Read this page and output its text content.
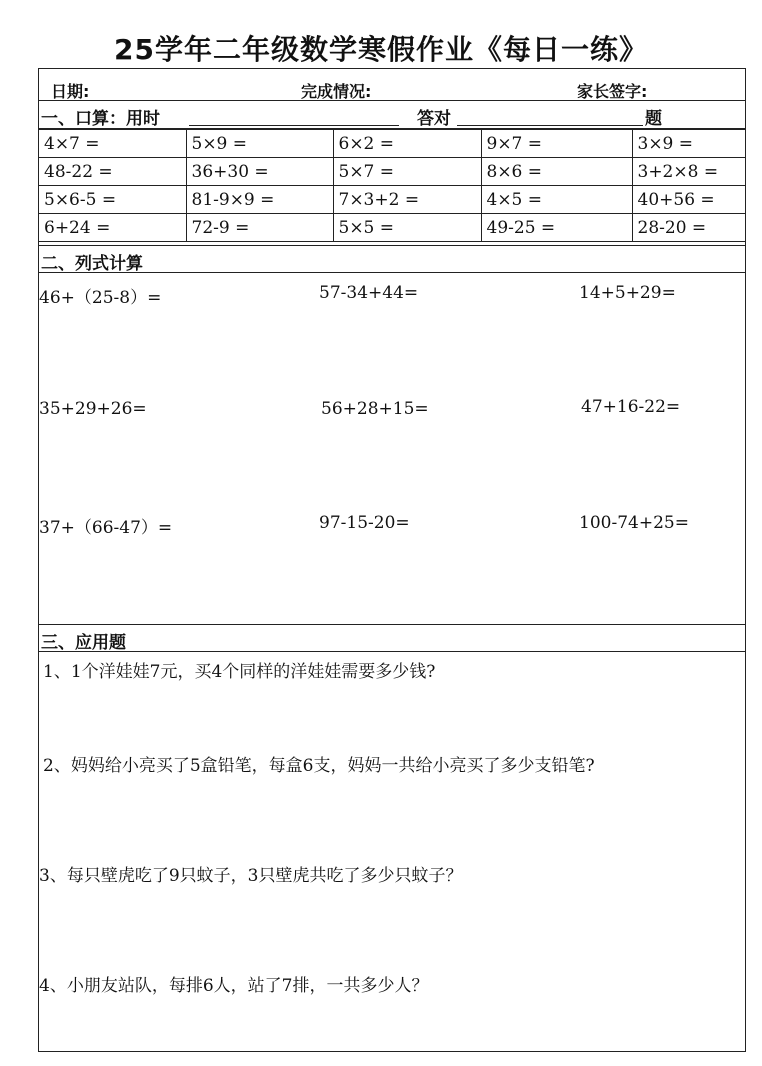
25学年二年级数学寒假作业《每日一练》
日期:	完成情况:	家长签字:
一、口算：用时	答对	题
4×7 =	5×9 =	6×2 =	9×7 =	3×9 =
48-22 =	36+30 =	5×7 =	8×6 =	3+2×8 =
5×6-5 =	81-9×9 =	7×3+2 =	4×5 =	40+56 =
6+24 =	72-9 =	5×5 =	49-25 =	28-20 =
二、列式计算
46+（25-8）=	57-34+44=	14+5+29=
35+29+26=	56+28+15=	47+16-22=
37+（66-47）=	97-15-20=	100-74+25=
三、应用题
1、1个洋娃娃7元，买4个同样的洋娃娃需要多少钱?
2、妈妈给小亮买了5盒铅笔，每盒6支，妈妈一共给小亮买了多少支铅笔?
3、每只壁虎吃了9只蚊子，3只壁虎共吃了多少只蚊子？
4、小朋友站队，每排6人，站了7排，一共多少人？
